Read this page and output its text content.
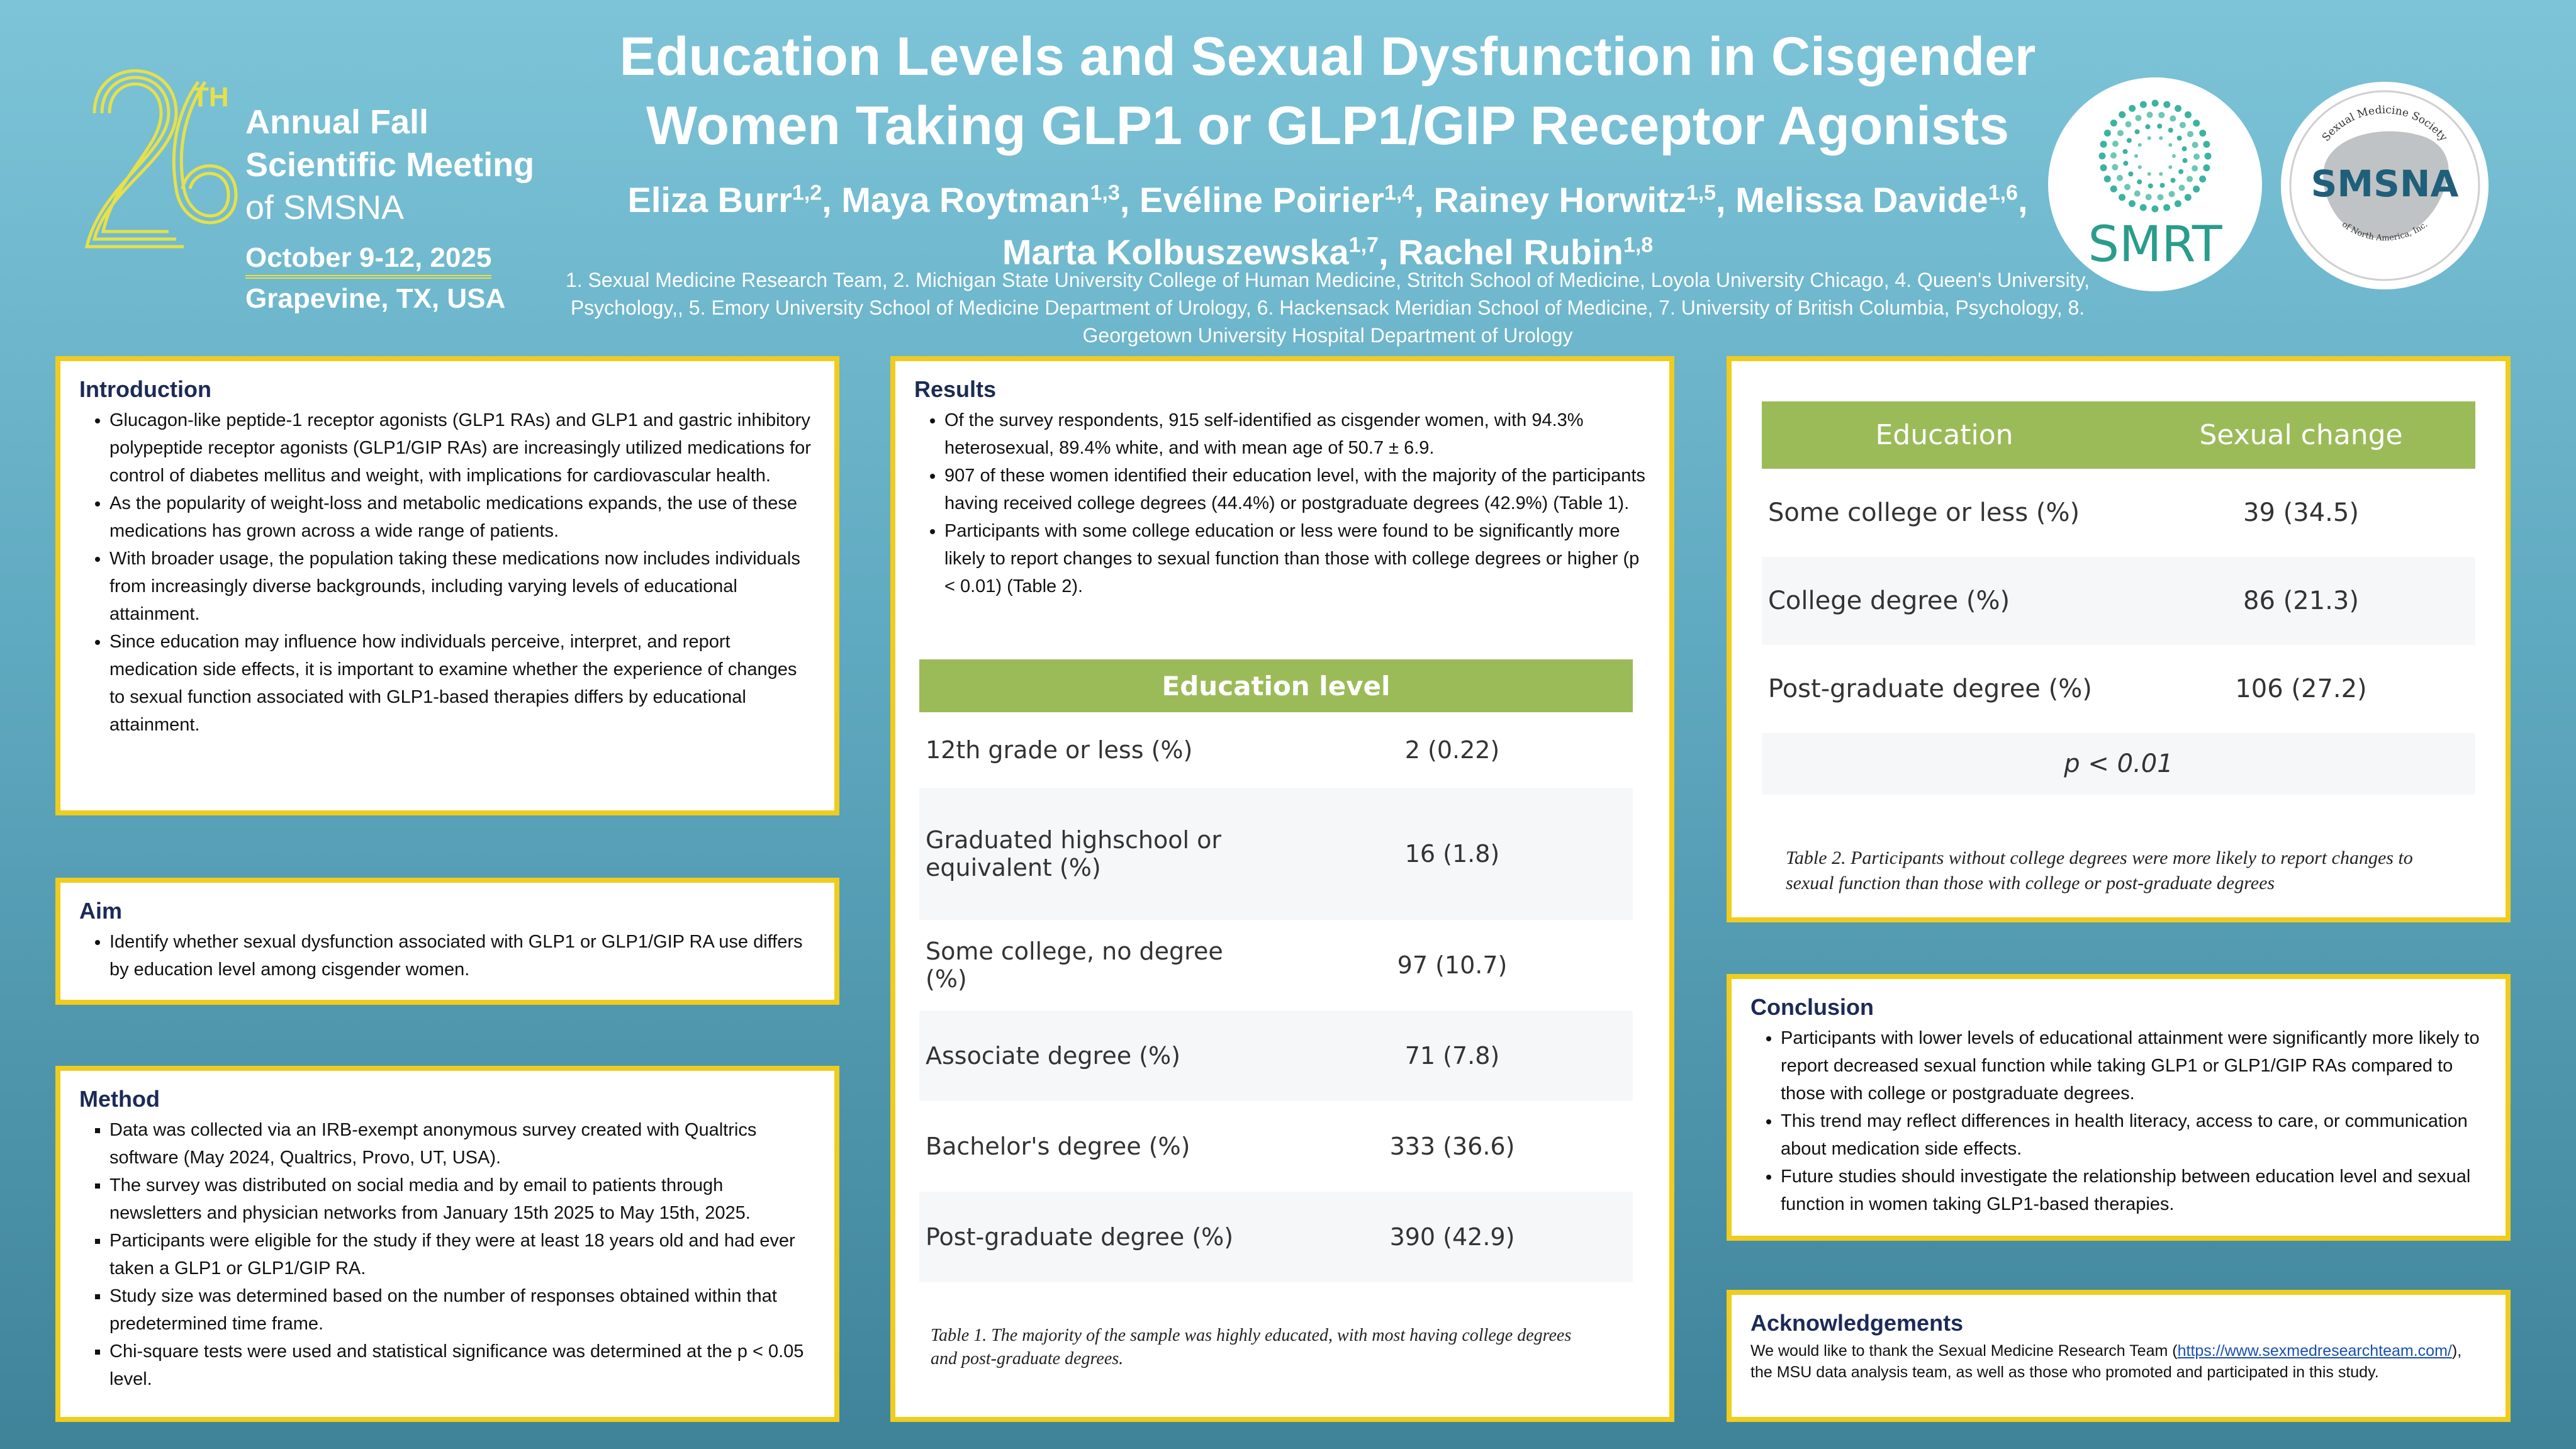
TH
Annual Fall
Scientific Meeting
of SMSNA
October 9-12, 2025
Grapevine, TX, USA
Education Levels and Sexual Dysfunction in Cisgender Women Taking GLP1 or GLP1/GIP Receptor Agonists
Eliza Burr$^{1,2}$, Maya Roytman$^{1,3}$, Evéline Poirier$^{1,4}$, Rainey Horwitz$^{1,5}$, Melissa Davide$^{1,6}$,
Marta Kolbuszewska$^{1,7}$, Rachel Rubin$^{1,8}$
1. Sexual Medicine Research Team, 2. Michigan State University College of Human Medicine, Stritch School of Medicine, Loyola University Chicago, 4. Queen's University, Psychology,, 5. Emory University School of Medicine Department of Urology, 6. Hackensack Meridian School of Medicine, 7. University of British Columbia, Psychology, 8. Georgetown University Hospital Department of Urology
SMRT
SMSNA
Sexual Medicine Society
of North America, Inc.
Introduction
• Glucagon-like peptide-1 receptor agonists (GLP1 RAs) and GLP1 and gastric inhibitory polypeptide receptor agonists (GLP1/GIP RAs) are increasingly utilized medications for control of diabetes mellitus and weight, with implications for cardiovascular health.
• As the popularity of weight-loss and metabolic medications expands, the use of these medications has grown across a wide range of patients.
• With broader usage, the population taking these medications now includes individuals from increasingly diverse backgrounds, including varying levels of educational attainment.
• Since education may influence how individuals perceive, interpret, and report medication side effects, it is important to examine whether the experience of changes to sexual function associated with GLP1-based therapies differs by educational attainment.
Aim
• Identify whether sexual dysfunction associated with GLP1 or GLP1/GIP RA use differs by education level among cisgender women.
Method
▪ Data was collected via an IRB-exempt anonymous survey created with Qualtrics software (May 2024, Qualtrics, Provo, UT, USA).
▪ The survey was distributed on social media and by email to patients through newsletters and physician networks from January 15th 2025 to May 15th, 2025.
▪ Participants were eligible for the study if they were at least 18 years old and had ever taken a GLP1 or GLP1/GIP RA.
▪ Study size was determined based on the number of responses obtained within that predetermined time frame.
▪ Chi-square tests were used and statistical significance was determined at the p < 0.05 level.
Results
• Of the survey respondents, 915 self-identified as cisgender women, with 94.3% heterosexual, 89.4% white, and with mean age of 50.7 ± 6.9.
• 907 of these women identified their education level, with the majority of the participants having received college degrees (44.4%) or postgraduate degrees (42.9%) (Table 1).
• Participants with some college education or less were found to be significantly more likely to report changes to sexual function than those with college degrees or higher (p < 0.01) (Table 2).
Education level	
12th grade or less (%)	2 (0.22)
Graduated highschool or equivalent (%)	16 (1.8)
Some college, no degree (%)	97 (10.7)
Associate degree (%)	71 (7.8)
Bachelor's degree (%)	333 (36.6)
Post-graduate degree (%)	390 (42.9)
Table 1. The majority of the sample was highly educated, with most having college degrees and post-graduate degrees.
Education	Sexual change
Some college or less (%)	39 (34.5)
College degree (%)	86 (21.3)
Post-graduate degree (%)	106 (27.2)
p < 0.01	
Table 2. Participants without college degrees were more likely to report changes to sexual function than those with college or post-graduate degrees
Conclusion
• Participants with lower levels of educational attainment were significantly more likely to report decreased sexual function while taking GLP1 or GLP1/GIP RAs compared to those with college or postgraduate degrees.
• This trend may reflect differences in health literacy, access to care, or communication about medication side effects.
• Future studies should investigate the relationship between education level and sexual function in women taking GLP1-based therapies.
Acknowledgements

We would like to thank the Sexual Medicine Research Team (https://www.sexmedresearchteam.com/), the MSU data analysis team, as well as those who promoted and participated in this study.
